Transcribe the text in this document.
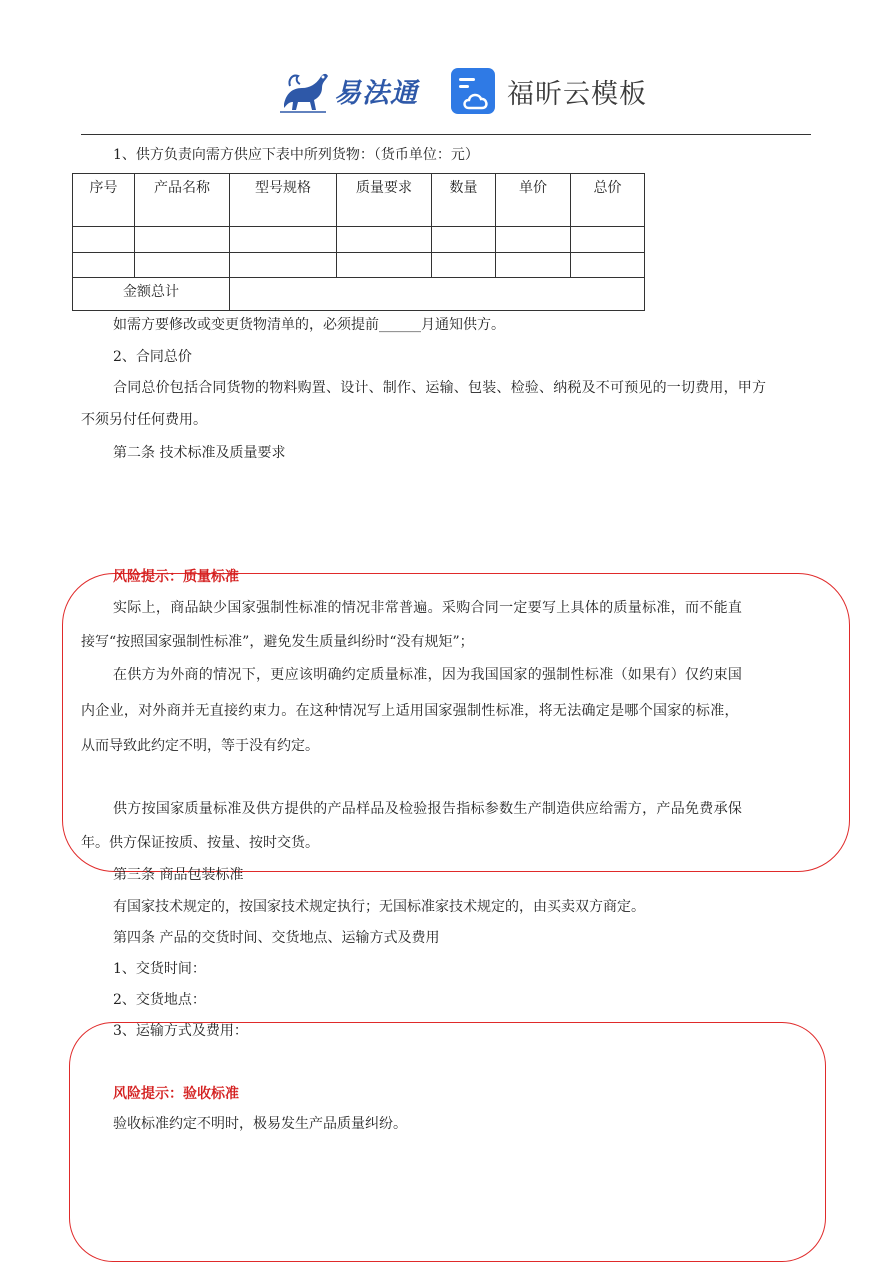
易法通	福昕云模板
1、供方负责向需方供应下表中所列货物：（货币单位：元）
序号	产品名称	型号规格	质量要求	数量	单价	总价

金额总计						
如需方要修改或变更货物清单的，必须提前______月通知供方。
2、合同总价
合同总价包括合同货物的物料购置、设计、制作、运输、包装、检验、纳税及不可预见的一切费用，甲方
不须另付任何费用。
第二条 技术标准及质量要求
风险提示：质量标准
实际上，商品缺少国家强制性标准的情况非常普遍。采购合同一定要写上具体的质量标准，而不能直
接写“按照国家强制性标准”，避免发生质量纠纷时“没有规矩”；
在供方为外商的情况下，更应该明确约定质量标准，因为我国国家的强制性标准（如果有）仅约束国
内企业，对外商并无直接约束力。在这种情况写上适用国家强制性标准，将无法确定是哪个国家的标准，
从而导致此约定不明，等于没有约定。
供方按国家质量标准及供方提供的产品样品及检验报告指标参数生产制造供应给需方，产品免费承保
年。供方保证按质、按量、按时交货。
第三条 商品包装标准
有国家技术规定的，按国家技术规定执行；无国标准家技术规定的，由买卖双方商定。
第四条 产品的交货时间、交货地点、运输方式及费用
1、交货时间：
2、交货地点：
3、运输方式及费用：
风险提示：验收标准
验收标准约定不明时，极易发生产品质量纠纷。
